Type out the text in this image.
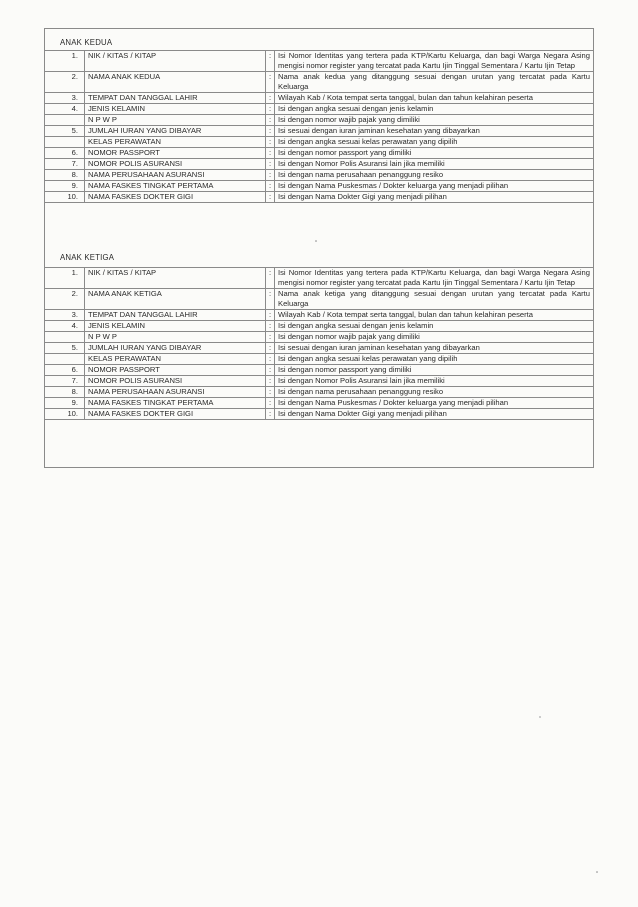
ANAK KEDUA
1.	NIK / KITAS / KITAP	:	Isi Nomor Identitas yang tertera pada KTP/Kartu Keluarga, dan bagi Warga Negara Asing mengisi nomor register yang tercatat pada Kartu Ijin Tinggal Sementara / Kartu Ijin Tetap
2.	NAMA ANAK KEDUA	:	Nama anak kedua yang ditanggung sesuai dengan urutan yang tercatat pada Kartu Keluarga
3.	TEMPAT DAN TANGGAL LAHIR	:	Wilayah Kab / Kota tempat serta tanggal, bulan dan tahun kelahiran peserta
4.	JENIS KELAMIN	:	Isi dengan angka sesuai dengan jenis kelamin
	N P W P	:	Isi dengan nomor wajib pajak yang dimiliki
5.	JUMLAH IURAN YANG DIBAYAR	:	Isi sesuai dengan iuran jaminan kesehatan yang dibayarkan
	KELAS PERAWATAN	:	Isi dengan angka sesuai kelas perawatan yang dipilih
6.	NOMOR PASSPORT	:	Isi dengan nomor passport yang dimiliki
7.	NOMOR POLIS ASURANSI	:	Isi dengan Nomor Polis Asuransi lain jika memiliki
8.	NAMA PERUSAHAAN ASURANSI	:	Isi dengan nama perusahaan penanggung resiko
9.	NAMA FASKES TINGKAT PERTAMA	:	Isi dengan Nama Puskesmas / Dokter keluarga yang menjadi pilihan
10.	NAMA FASKES DOKTER GIGI	:	Isi dengan Nama Dokter Gigi yang menjadi pilihan
ANAK KETIGA
1.	NIK / KITAS / KITAP	:	Isi Nomor Identitas yang tertera pada KTP/Kartu Keluarga, dan bagi Warga Negara Asing mengisi nomor register yang tercatat pada Kartu Ijin Tinggal Sementara / Kartu Ijin Tetap
2.	NAMA ANAK KETIGA	:	Nama anak ketiga yang ditanggung sesuai dengan urutan yang tercatat pada Kartu Keluarga
3.	TEMPAT DAN TANGGAL LAHIR	:	Wilayah Kab / Kota tempat serta tanggal, bulan dan tahun kelahiran peserta
4.	JENIS KELAMIN	:	Isi dengan angka sesuai dengan jenis kelamin
	N P W P	:	Isi dengan nomor wajib pajak yang dimiliki
5.	JUMLAH IURAN YANG DIBAYAR	:	Isi sesuai dengan iuran jaminan kesehatan yang dibayarkan
	KELAS PERAWATAN	:	Isi dengan angka sesuai kelas perawatan yang dipilih
6.	NOMOR PASSPORT	:	Isi dengan nomor passport yang dimiliki
7.	NOMOR POLIS ASURANSI	:	Isi dengan Nomor Polis Asuransi lain jika memiliki
8.	NAMA PERUSAHAAN ASURANSI	:	Isi dengan nama perusahaan penanggung resiko
9.	NAMA FASKES TINGKAT PERTAMA	:	Isi dengan Nama Puskesmas / Dokter keluarga yang menjadi pilihan
10.	NAMA FASKES DOKTER GIGI	:	Isi dengan Nama Dokter Gigi yang menjadi pilihan
